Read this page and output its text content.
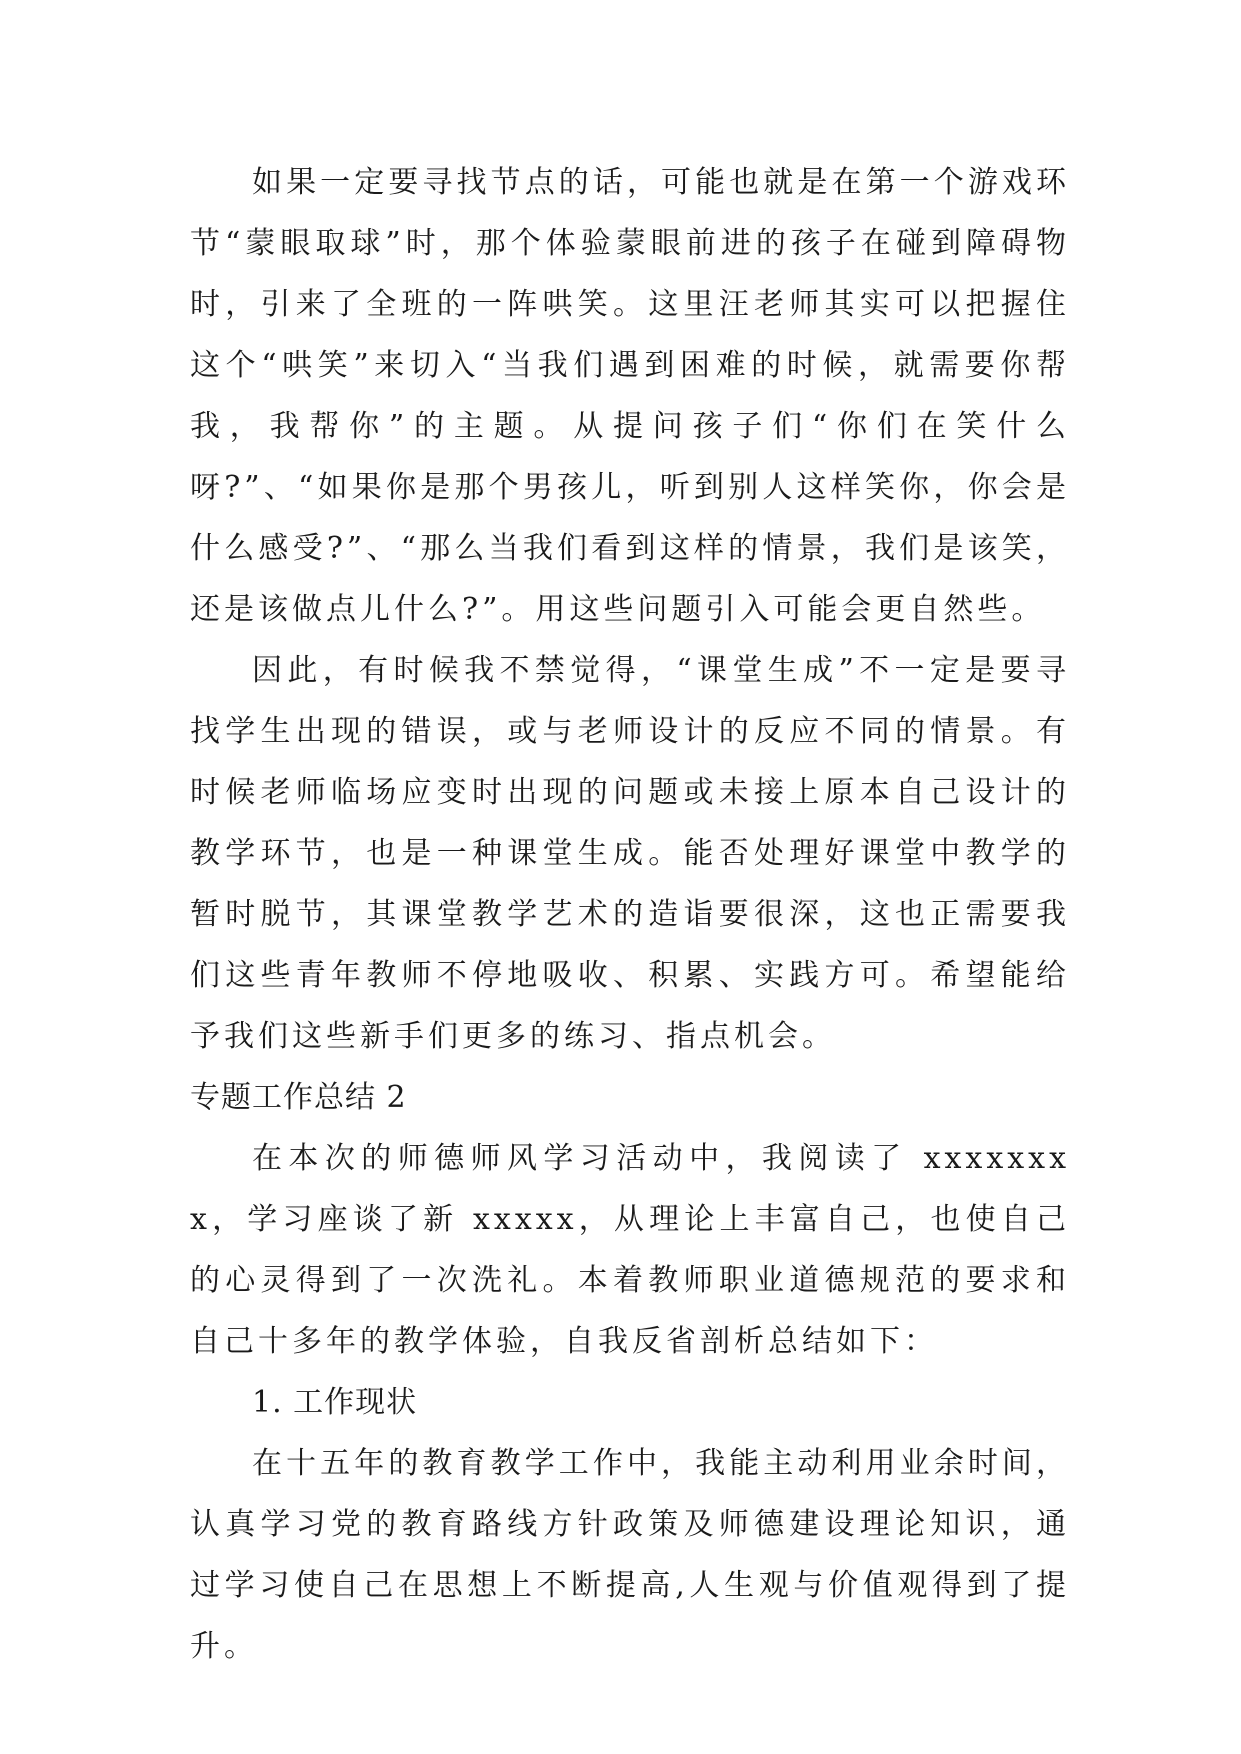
如果一定要寻找节点的话，可能也就是在第一个游戏环节“蒙眼取球”时，那个体验蒙眼前进的孩子在碰到障碍物时，引来了全班的一阵哄笑。这里汪老师其实可以把握住这个“哄笑”来切入“当我们遇到困难的时候，就需要你帮我，我帮你”的主题。从提问孩子们“你们在笑什么呀?”、“如果你是那个男孩儿，听到别人这样笑你，你会是什么感受?”、“那么当我们看到这样的情景，我们是该笑，还是该做点儿什么?”。用这些问题引入可能会更自然些。

因此，有时候我不禁觉得，“课堂生成”不一定是要寻找学生出现的错误，或与老师设计的反应不同的情景。有时候老师临场应变时出现的问题或未接上原本自己设计的教学环节，也是一种课堂生成。能否处理好课堂中教学的暂时脱节，其课堂教学艺术的造诣要很深，这也正需要我们这些青年教师不停地吸收、积累、实践方可。希望能给予我们这些新手们更多的练习、指点机会。

专题工作总结 2

在本次的师德师风学习活动中，我阅读了 xxxxxxxx，学习座谈了新 xxxxx，从理论上丰富自己，也使自己的心灵得到了一次洗礼。本着教师职业道德规范的要求和自己十多年的教学体验，自我反省剖析总结如下：

1. 工作现状

在十五年的教育教学工作中，我能主动利用业余时间，认真学习党的教育路线方针政策及师德建设理论知识，通过学习使自己在思想上不断提高,人生观与价值观得到了提升。
